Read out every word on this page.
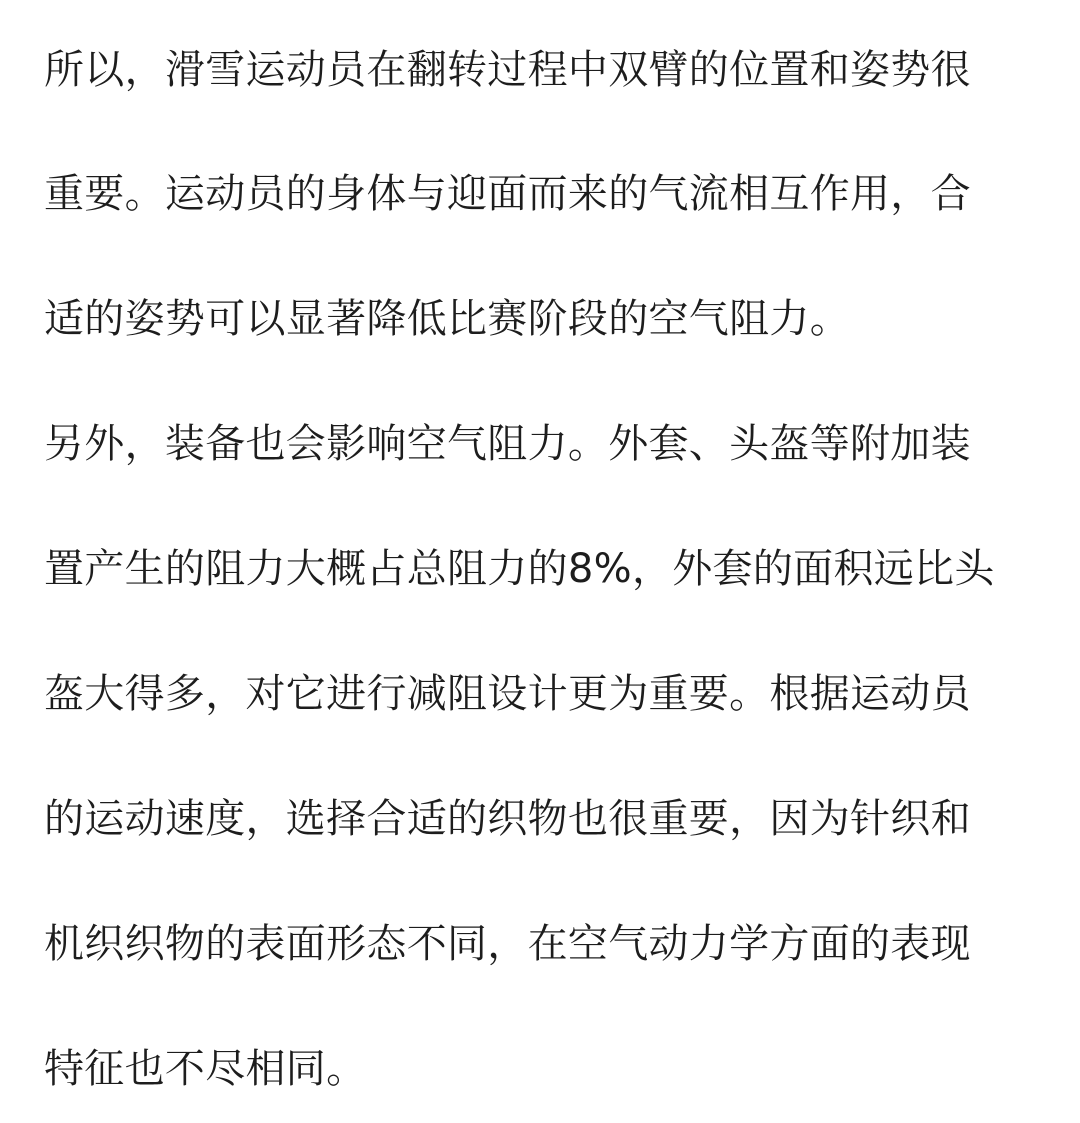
所以，滑雪运动员在翻转过程中双臂的位置和姿势很
重要。运动员的身体与迎面而来的气流相互作用，合
适的姿势可以显著降低比赛阶段的空气阻力。
另外，装备也会影响空气阻力。外套、头盔等附加装
置产生的阻力大概占总阻力的8%，外套的面积远比头
盔大得多，对它进行减阻设计更为重要。根据运动员
的运动速度，选择合适的织物也很重要，因为针织和
机织织物的表面形态不同，在空气动力学方面的表现
特征也不尽相同。
